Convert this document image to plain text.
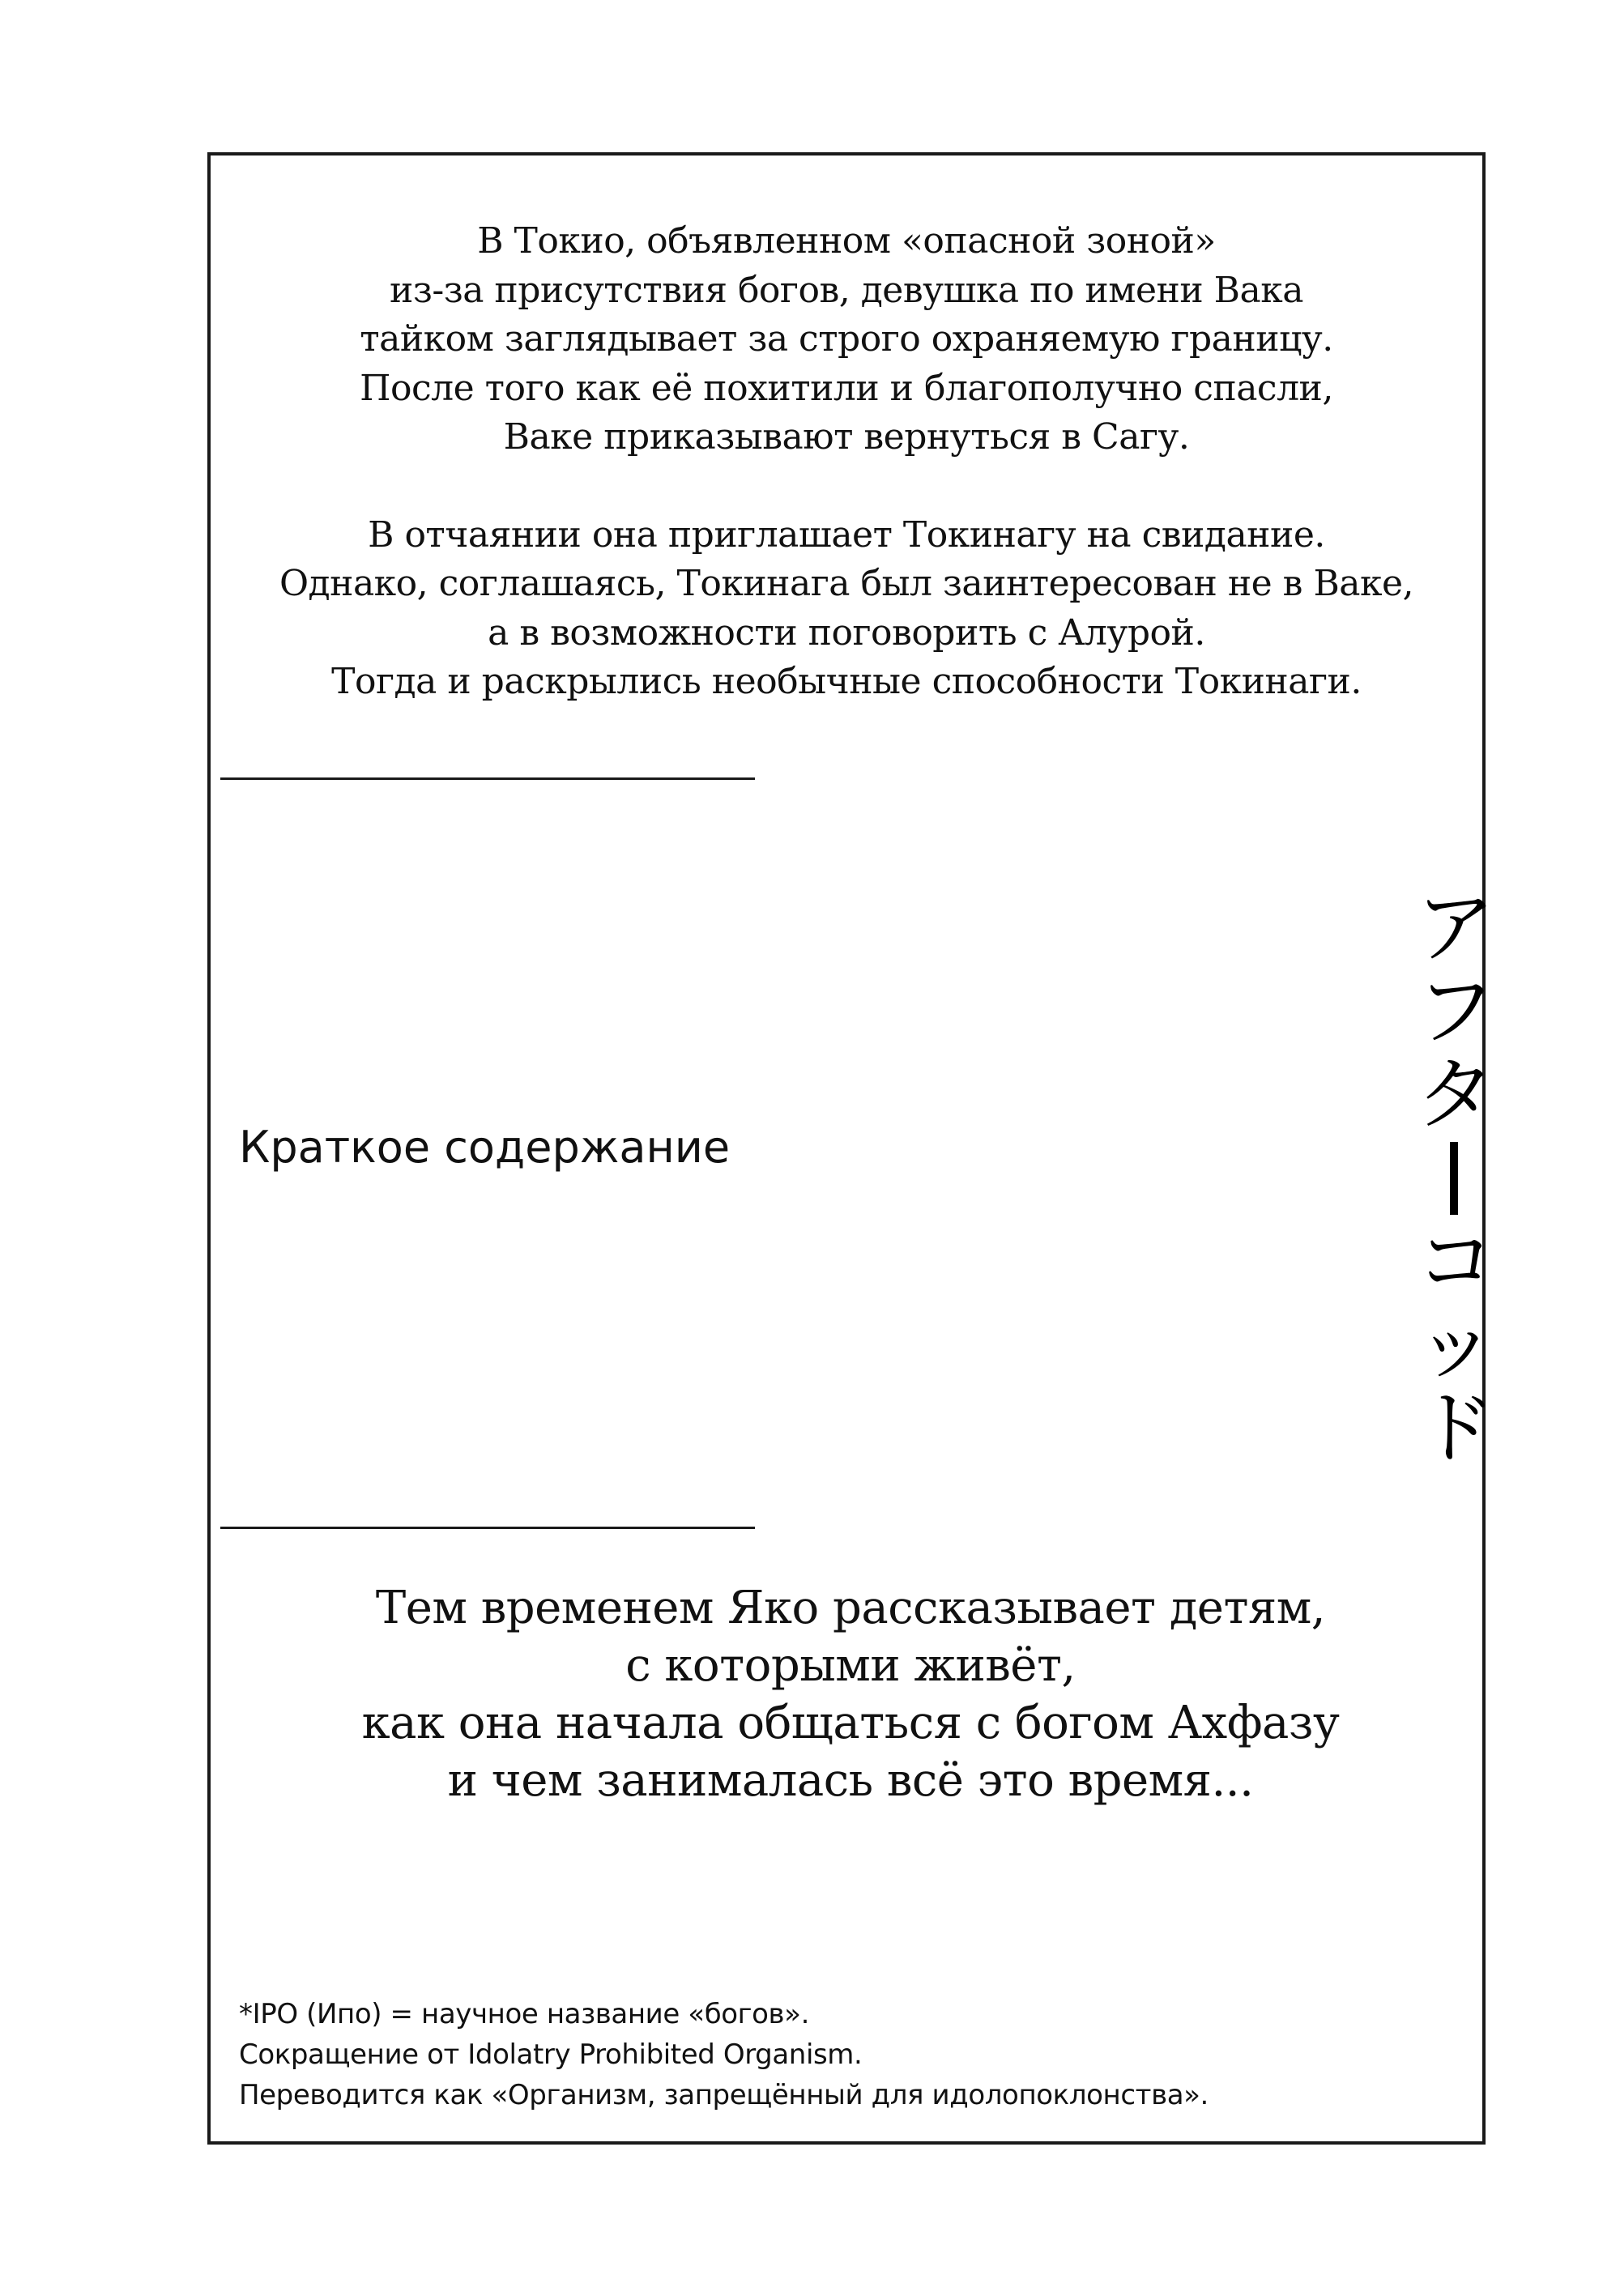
В Токио, объявленном «опасной зоной»
из-за присутствия богов, девушка по имени Вака
тайком заглядывает за строго охраняемую границу.
После того как её похитили и благополучно спасли,
Ваке приказывают вернуться в Сагу.
В отчаянии она приглашает Токинагу на свидание.
Однако, соглашаясь, Токинага был заинтересован не в Ваке,
а в возможности поговорить с Алурой.
Тогда и раскрылись необычные способности Токинаги.
Краткое содержание
ア
フ
タ
コ
ッ
ド
Тем временем Яко рассказывает детям,
с которыми живёт,
как она начала общаться с богом Ахфазу
и чем занималась всё это время...
*IPO (Ипо) = научное название «богов».
Сокращение от Idolatry Prohibited Organism.
Переводится как «Организм, запрещённый для идолопоклонства».
